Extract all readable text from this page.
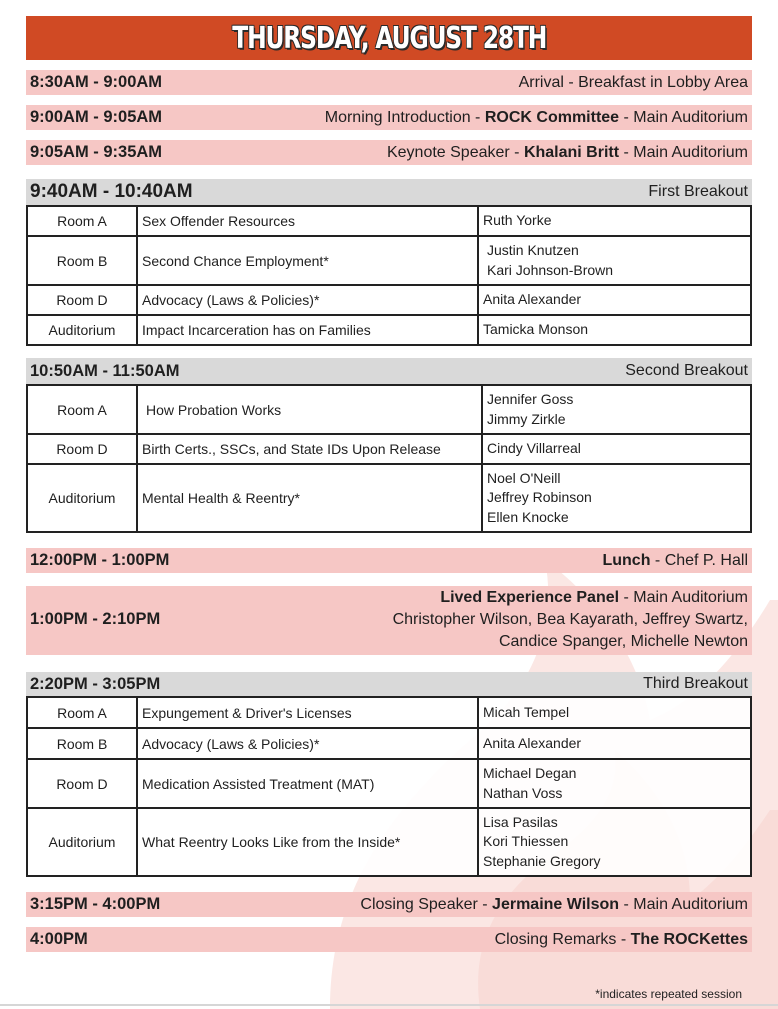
THURSDAY, AUGUST 28TH
8:30AM - 9:00AM	Arrival - Breakfast in Lobby Area
9:00AM - 9:05AM	Morning Introduction - ROCK Committee - Main Auditorium
9:05AM - 9:35AM	Keynote Speaker - Khalani Britt - Main Auditorium
9:40AM - 10:40AM	First Breakout
Room A	Sex Offender Resources	Ruth Yorke

Room B	Second Chance Employment*	Justin Knutzen
Kari Johnson-Brown

Room D	Advocacy (Laws & Policies)*	Anita Alexander

Auditorium	Impact Incarceration has on Families	Tamicka Monson
10:50AM - 11:50AM	Second Breakout
Room A	How Probation Works	Jennifer Goss
Jimmy Zirkle

Room D	Birth Certs., SSCs, and State IDs Upon Release	Cindy Villarreal

Auditorium	Mental Health & Reentry*	Noel O'Neill
Jeffrey Robinson
Ellen Knocke
12:00PM - 1:00PM	Lunch - Chef P. Hall
1:00PM - 2:10PM
Lived Experience Panel - Main Auditorium
Christopher Wilson, Bea Kayarath, Jeffrey Swartz,
Candice Spanger, Michelle Newton
2:20PM - 3:05PM	Third Breakout
Room A	Expungement & Driver's Licenses	Micah Tempel

Room B	Advocacy (Laws & Policies)*	Anita Alexander

Room D	Medication Assisted Treatment (MAT)	Michael Degan
Nathan Voss

Auditorium	What Reentry Looks Like from the Inside*	Lisa Pasilas
Kori Thiessen
Stephanie Gregory
3:15PM - 4:00PM	Closing Speaker - Jermaine Wilson - Main Auditorium
4:00PM	Closing Remarks - The ROCKettes
*indicates repeated session
